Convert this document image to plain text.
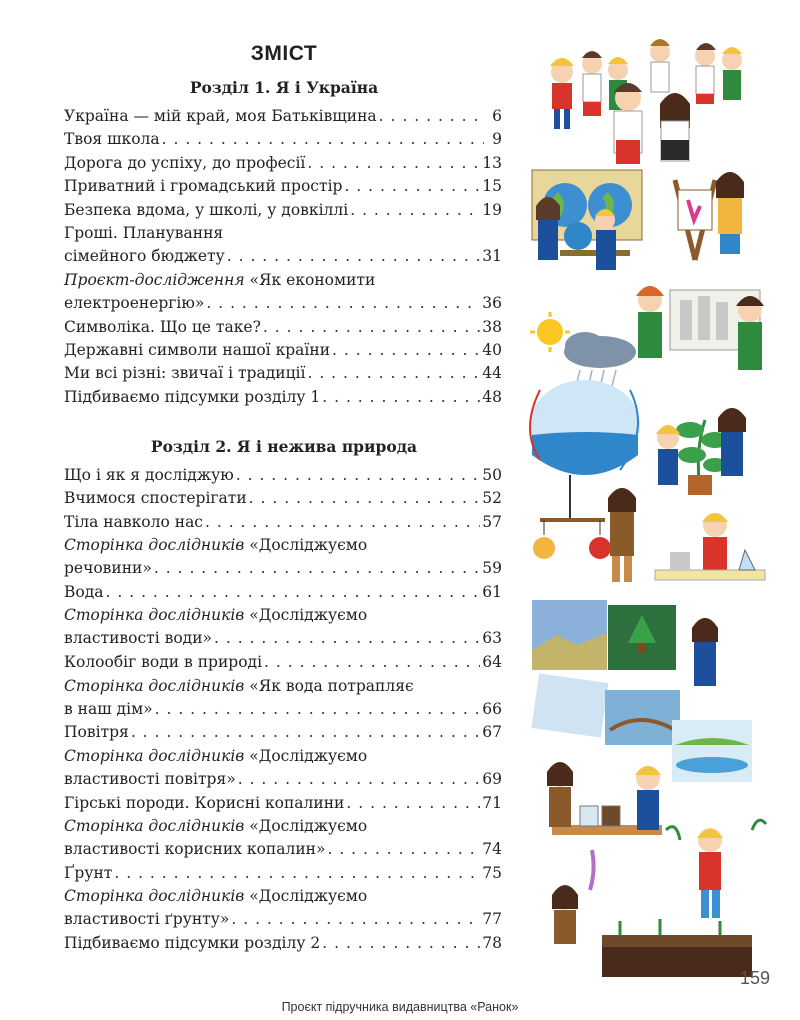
ЗМІСТ
Розділ 1. Я і Україна
Україна — мій край, моя Батьківщина . . .	6
Твоя школа . . .	9
Дорога до успіху, до професії . . .	13
Приватний і громадський простір . . .	15
Безпека вдома, у школі, у довкіллі . . .	19
Гроші. Планування
сімейного бюджету . . .	31
Проєкт-дослідження «Як економити
електроенергію» . . .	36
Символіка. Що це таке? . . .	38
Державні символи нашої країни . . .	40
Ми всі різні: звичаї і традиції . . .	44
Підбиваємо підсумки розділу 1 . . .	48
Розділ 2. Я і нежива природа
Що і як я досліджую . . .	50
Вчимося спостерігати . . .	52
Тіла навколо нас . . .	57
Сторінка дослідників «Досліджуємо
речовини» . . .	59
Вода . . .	61
Сторінка дослідників «Досліджуємо
властивості води» . . .	63
Колообіг води в природі . . .	64
Сторінка дослідників «Як вода потрапляє
в наш дім» . . .	66
Повітря . . .	67
Сторінка дослідників «Досліджуємо
властивості повітря» . . .	69
Гірські породи. Корисні копалини . . .	71
Сторінка дослідників «Досліджуємо
властивості корисних копалин» . . .	74
Ґрунт . . .	75
Сторінка дослідників «Досліджуємо
властивості ґрунту» . . .	77
Підбиваємо підсумки розділу 2 . . .	78
159
Проєкт підручника видавництва «Ранок»
